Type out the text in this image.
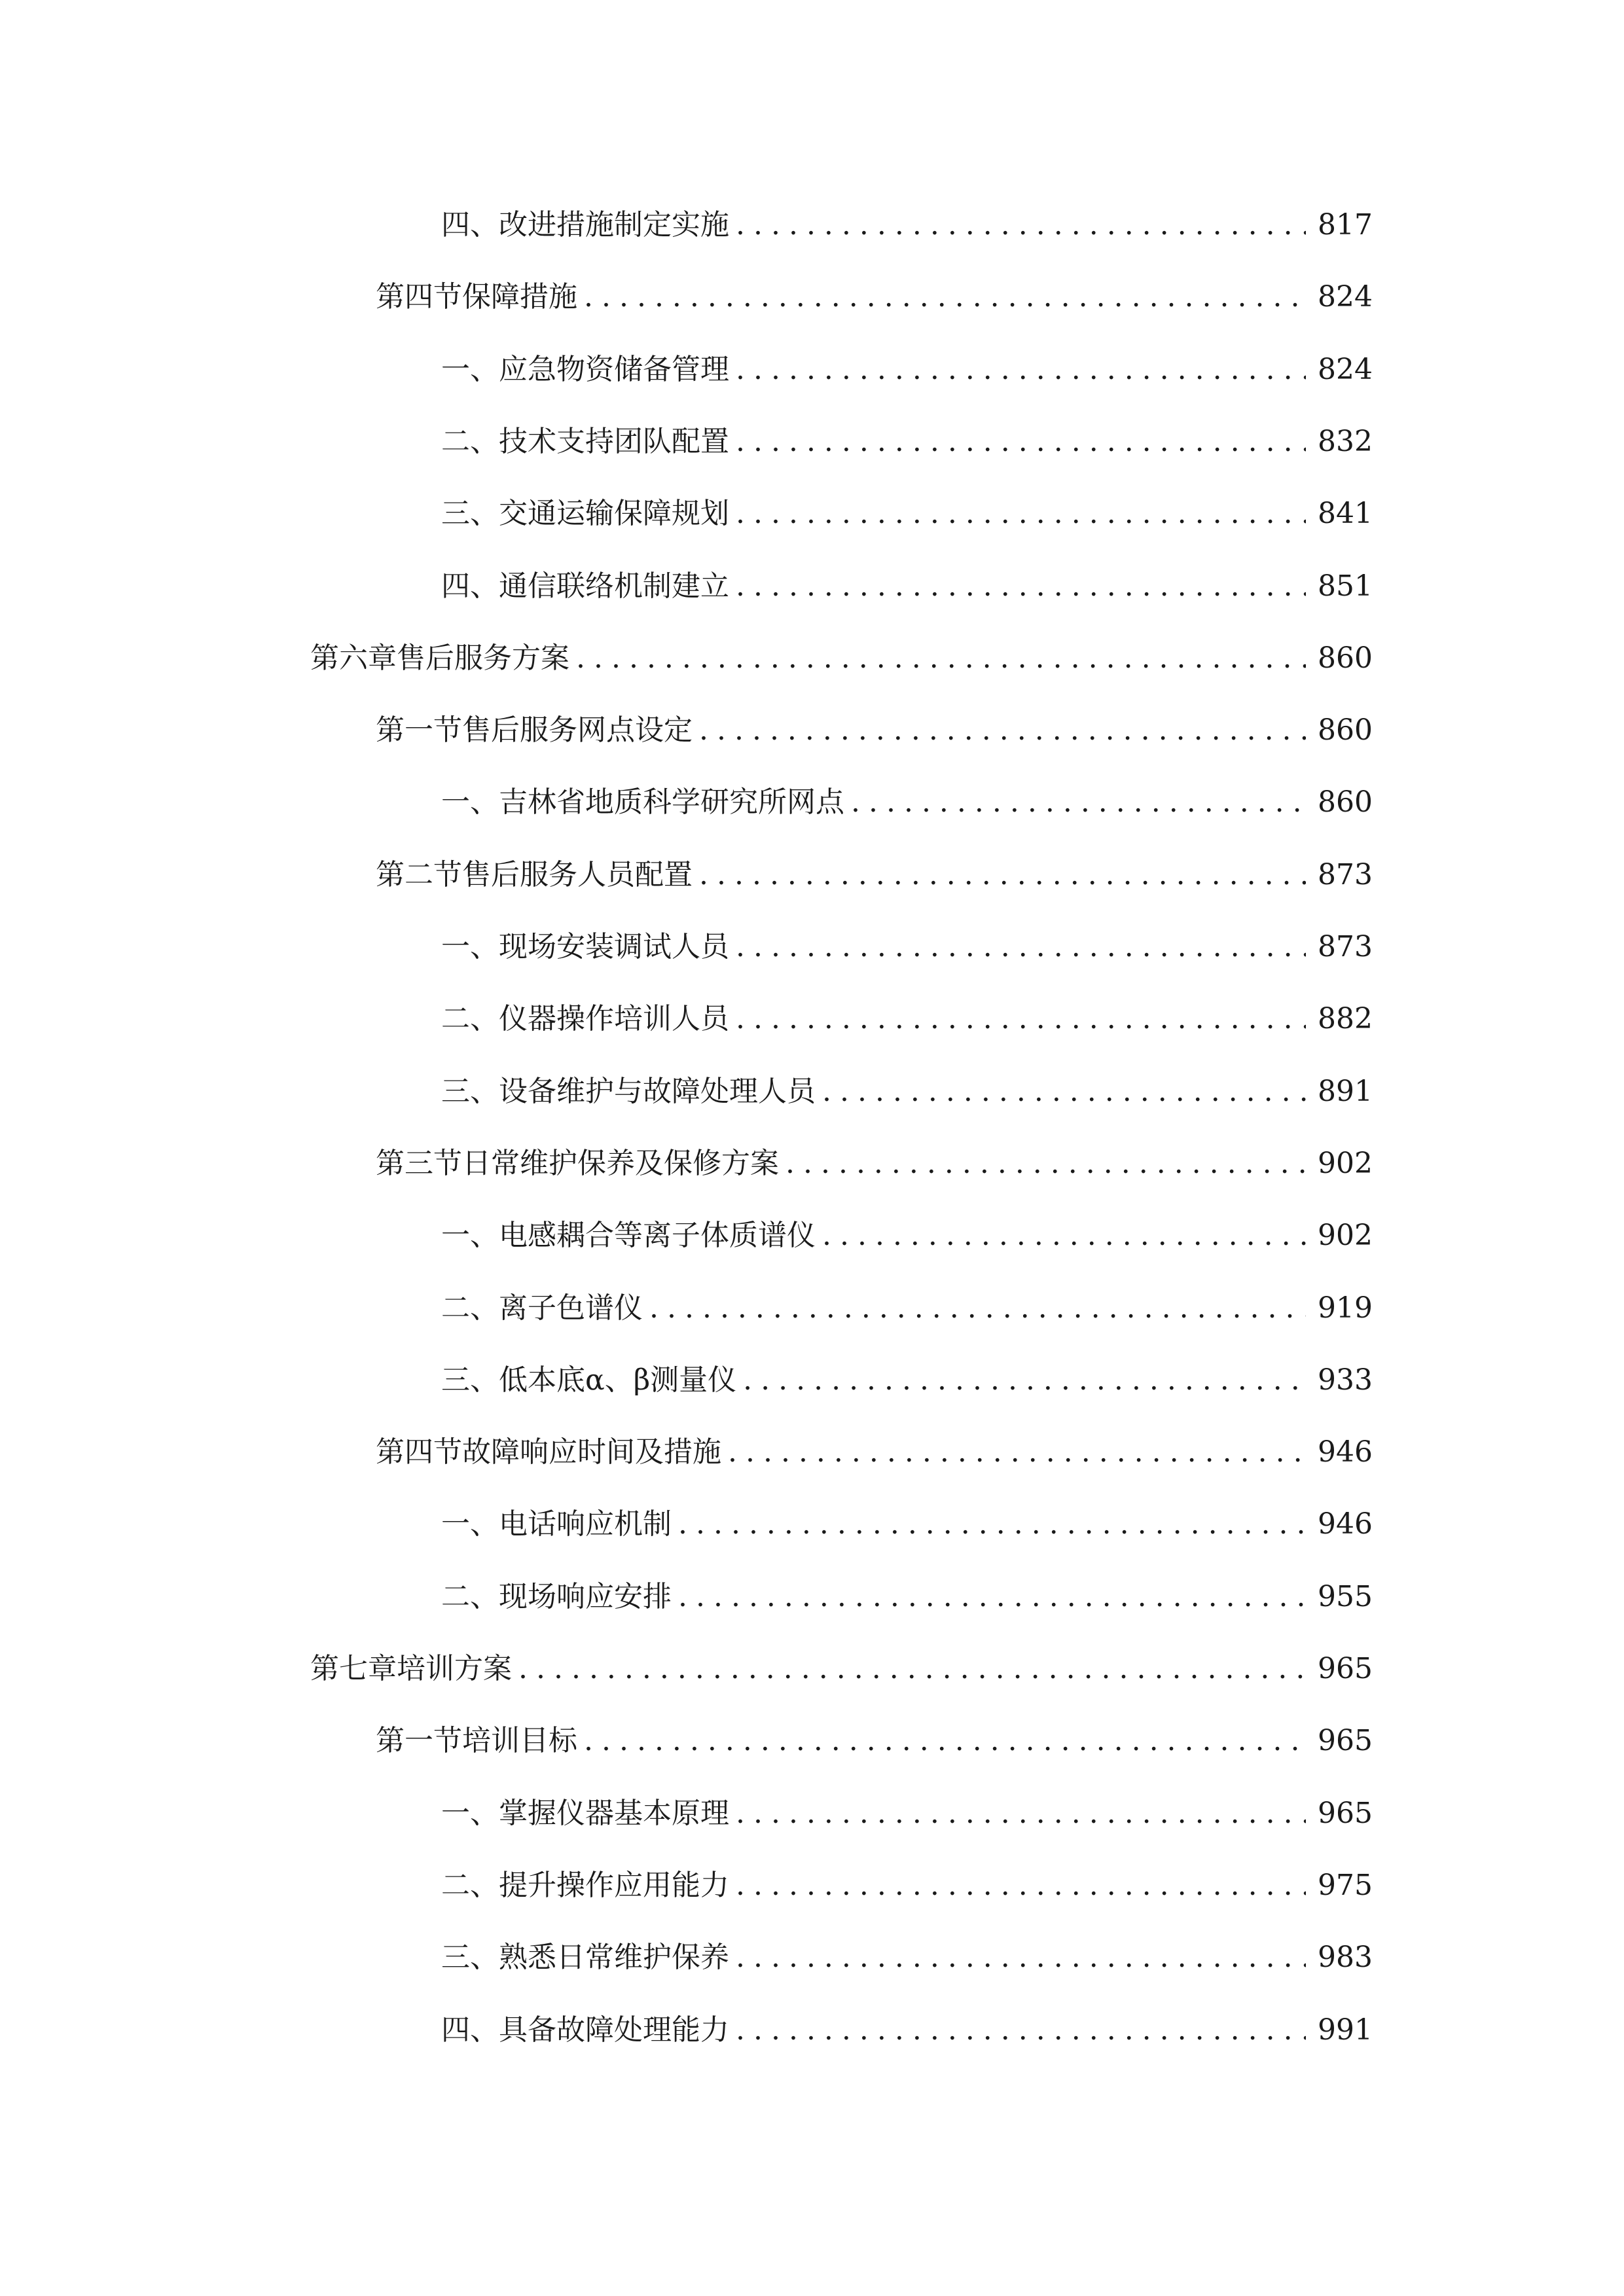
四、 改进措施制定实施 .....	817
第四节 保障措施 .....	824
一、 应急物资储备管理 .....	824
二、 技术支持团队配置 .....	832
三、 交通运输保障规划 .....	841
四、 通信联络机制建立 .....	851
第六章 售后服务方案 .....	860
第一节 售后服务网点设定 .....	860
一、 吉林省地质科学研究所网点 .....	860
第二节 售后服务人员配置 .....	873
一、 现场安装调试人员 .....	873
二、 仪器操作培训人员 .....	882
三、 设备维护与故障处理人员 .....	891
第三节 日常维护保养及保修方案 .....	902
一、 电感耦合等离子体质谱仪 .....	902
二、 离子色谱仪 .....	919
三、 低本底α、β测量仪 .....	933
第四节 故障响应时间及措施 .....	946
一、 电话响应机制 .....	946
二、 现场响应安排 .....	955
第七章 培训方案 .....	965
第一节 培训目标 .....	965
一、 掌握仪器基本原理 .....	965
二、 提升操作应用能力 .....	975
三、 熟悉日常维护保养 .....	983
四、 具备故障处理能力 .....	991
